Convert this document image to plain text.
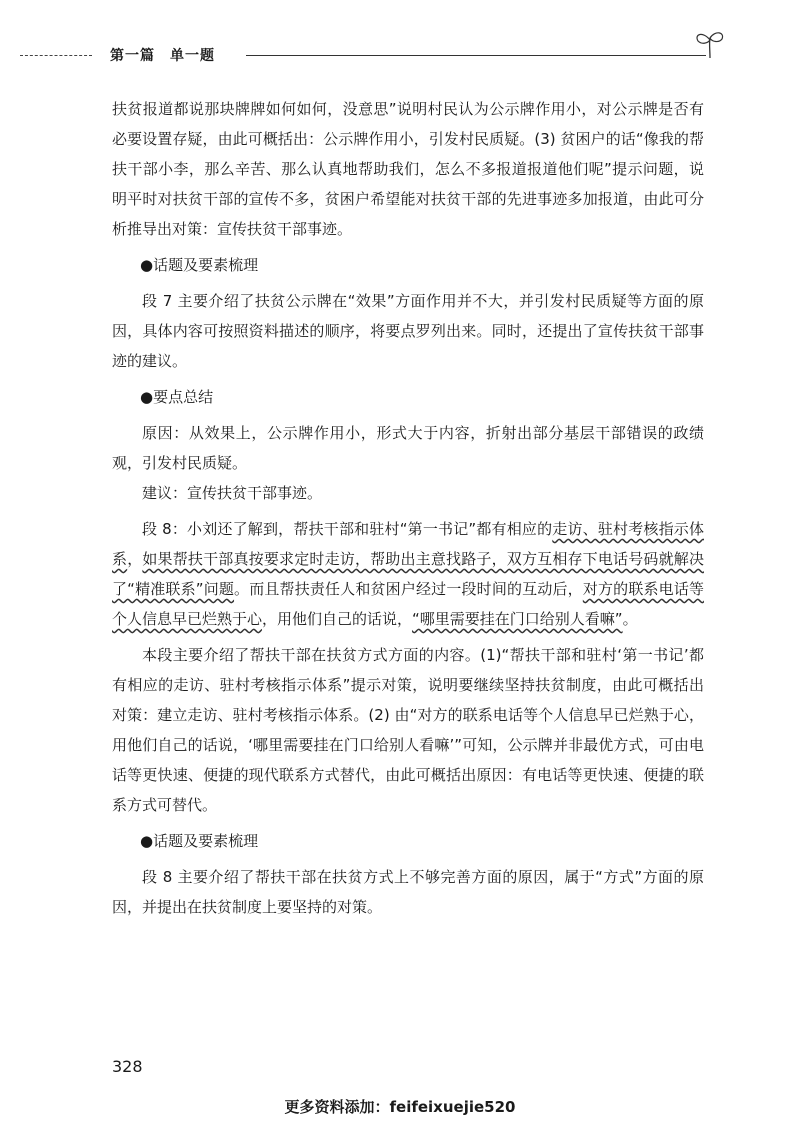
第一篇　单一题

扶贫报道都说那块牌牌如何如何，没意思”说明村民认为公示牌作用小，对公示牌是否有必要设置存疑，由此可概括出：公示牌作用小，引发村民质疑。(3) 贫困户的话“像我的帮扶干部小李，那么辛苦、那么认真地帮助我们，怎么不多报道报道他们呢”提示问题，说明平时对扶贫干部的宣传不多，贫困户希望能对扶贫干部的先进事迹多加报道，由此可分析推导出对策：宣传扶贫干部事迹。

●话题及要素梳理

段 7 主要介绍了扶贫公示牌在“效果”方面作用并不大，并引发村民质疑等方面的原因，具体内容可按照资料描述的顺序，将要点罗列出来。同时，还提出了宣传扶贫干部事迹的建议。

●要点总结

原因：从效果上，公示牌作用小，形式大于内容，折射出部分基层干部错误的政绩观，引发村民质疑。

建议：宣传扶贫干部事迹。

段 8：小刘还了解到，帮扶干部和驻村“第一书记”都有相应的走访、驻村考核指示体系，如果帮扶干部真按要求定时走访，帮助出主意找路子，双方互相存下电话号码就解决了“精准联系”问题。而且帮扶责任人和贫困户经过一段时间的互动后，对方的联系电话等个人信息早已烂熟于心，用他们自己的话说，“哪里需要挂在门口给别人看嘛”。

本段主要介绍了帮扶干部在扶贫方式方面的内容。(1)“帮扶干部和驻村‘第一书记’都有相应的走访、驻村考核指示体系”提示对策，说明要继续坚持扶贫制度，由此可概括出对策：建立走访、驻村考核指示体系。(2) 由“对方的联系电话等个人信息早已烂熟于心，用他们自己的话说，‘哪里需要挂在门口给别人看嘛’”可知，公示牌并非最优方式，可由电话等更快速、便捷的现代联系方式替代，由此可概括出原因：有电话等更快速、便捷的联系方式可替代。

●话题及要素梳理

段 8 主要介绍了帮扶干部在扶贫方式上不够完善方面的原因，属于“方式”方面的原因，并提出在扶贫制度上要坚持的对策。

328
更多资料添加：feifeixuejie520
